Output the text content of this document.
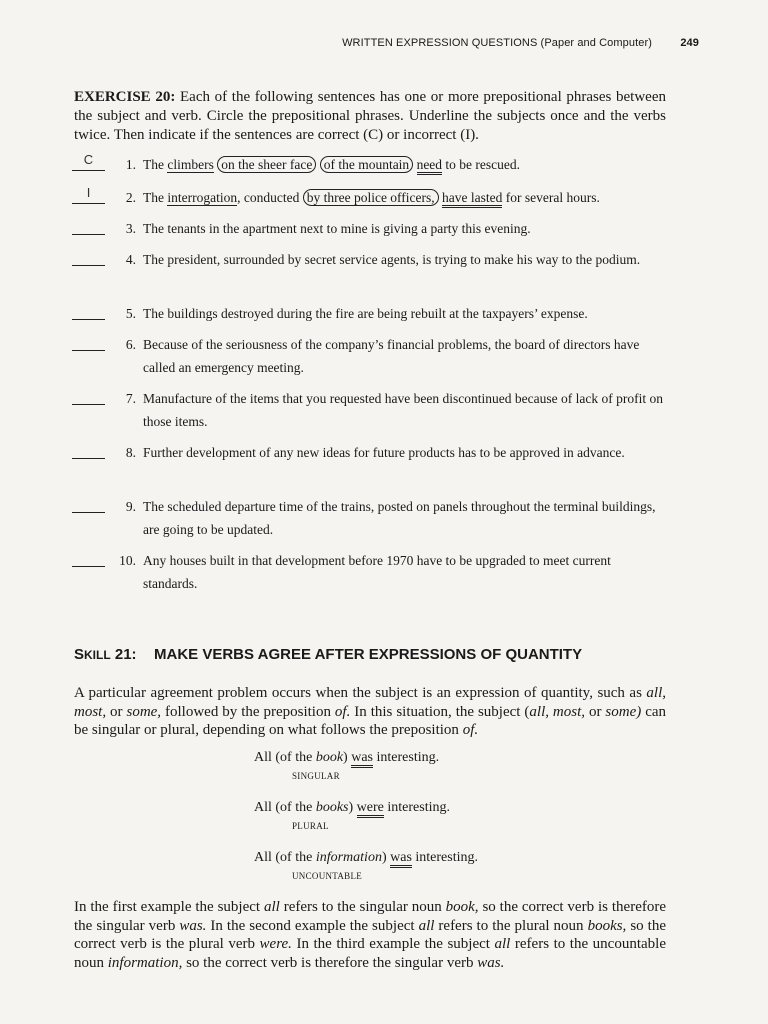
WRITTEN EXPRESSION QUESTIONS (Paper and Computer)	249
EXERCISE 20: Each of the following sentences has one or more prepositional phrases between the subject and verb. Circle the prepositional phrases. Underline the subjects once and the verbs twice. Then indicate if the sentences are correct (C) or incorrect (I).
C	1. The climbers on the sheer face of the mountain need to be rescued.
I	2. The interrogation, conducted by three police officers, have lasted for several hours.
3. The tenants in the apartment next to mine is giving a party this evening.
4. The president, surrounded by secret service agents, is trying to make his way to the podium.
5. The buildings destroyed during the fire are being rebuilt at the taxpayers’ expense.
6. Because of the seriousness of the company’s financial problems, the board of directors have called an emergency meeting.
7. Manufacture of the items that you requested have been discontinued because of lack of profit on those items.
8. Further development of any new ideas for future products has to be approved in advance.
9. The scheduled departure time of the trains, posted on panels throughout the terminal buildings, are going to be updated.
10. Any houses built in that development before 1970 have to be upgraded to meet current standards.
SKILL 21: MAKE VERBS AGREE AFTER EXPRESSIONS OF QUANTITY
A particular agreement problem occurs when the subject is an expression of quantity, such as all, most, or some, followed by the preposition of. In this situation, the subject (all, most, or some) can be singular or plural, depending on what follows the preposition of.
All (of the book) was interesting.
SINGULAR
All (of the books) were interesting.
PLURAL
All (of the information) was interesting.
UNCOUNTABLE
In the first example the subject all refers to the singular noun book, so the correct verb is therefore the singular verb was. In the second example the subject all refers to the plural noun books, so the correct verb is the plural verb were. In the third example the subject all refers to the uncountable noun information, so the correct verb is therefore the singular verb was.
